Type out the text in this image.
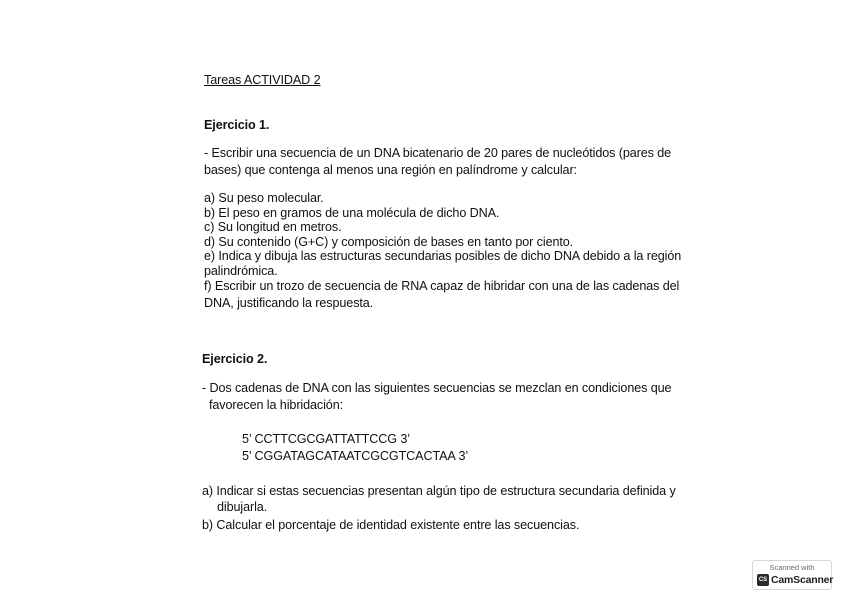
Tareas ACTIVIDAD 2
Ejercicio 1.
- Escribir una secuencia de un DNA bicatenario de 20 pares de nucleótidos (pares de
bases) que contenga al menos una región en palíndrome y calcular:
a) Su peso molecular.
b) El peso en gramos de una molécula de dicho DNA.
c) Su longitud en metros.
d) Su contenido (G+C) y composición de bases en tanto por ciento.
e) Indica y dibuja las estructuras secundarias posibles de dicho DNA debido a la región
palindrómica.
f) Escribir un trozo de secuencia de RNA capaz de hibridar con una de las cadenas del
DNA, justificando la respuesta.
Ejercicio 2.
- Dos cadenas de DNA con las siguientes secuencias se mezclan en condiciones que
favorecen la hibridación:
5’ CCTTCGCGATTATTCCG 3’
5’ CGGATAGCATAATCGCGTCACTAA 3’
a) Indicar si estas secuencias presentan algún tipo de estructura secundaria definida y
dibujarla.
b) Calcular el porcentaje de identidad existente entre las secuencias.
Scanned with
CS CamScanner
